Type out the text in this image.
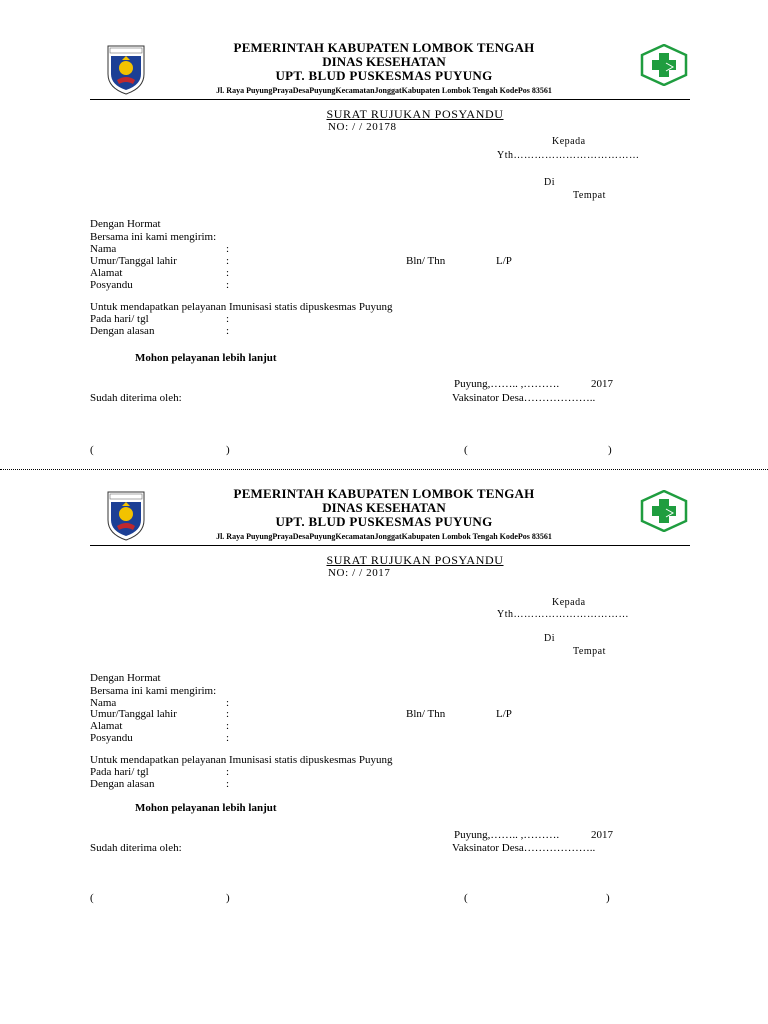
PEMERINTAH KABUPATEN LOMBOK TENGAH
DINAS KESEHATAN
UPT. BLUD PUSKESMAS PUYUNG
Jl. Raya PuyungPrayaDesaPuyungKecamatanJonggatKabupaten Lombok Tengah KodePos 83561
SURAT RUJUKAN POSYANDU
NO: / / 20178
Kepada
Yth………………………………
Di
Tempat
Dengan Hormat
Bersama ini kami mengirim:
Nama	:
Umur/Tanggal lahir	:	Bln/ Thn	L/P
Alamat	:
Posyandu	:
Untuk mendapatkan pelayanan Imunisasi statis dipuskesmas Puyung
Pada hari/ tgl	:
Dengan alasan	:
Mohon pelayanan lebih lanjut
Puyung,…….. ,……….	2017
Sudah diterima oleh:	Vaksinator Desa………………..
(	)	(	)
PEMERINTAH KABUPATEN LOMBOK TENGAH
DINAS KESEHATAN
UPT. BLUD PUSKESMAS PUYUNG
Jl. Raya PuyungPrayaDesaPuyungKecamatanJonggatKabupaten Lombok Tengah KodePos 83561
SURAT RUJUKAN POSYANDU
NO: / / 2017
Kepada
Yth……………………………
Di
Tempat
Dengan Hormat
Bersama ini kami mengirim:
Nama	:
Umur/Tanggal lahir	:	Bln/ Thn	L/P
Alamat	:
Posyandu	:
Untuk mendapatkan pelayanan Imunisasi statis dipuskesmas Puyung
Pada hari/ tgl	:
Dengan alasan	:
Mohon pelayanan lebih lanjut
Puyung,…….. ,……….	2017
Sudah diterima oleh:	Vaksinator Desa………………..
(	)	(	)
